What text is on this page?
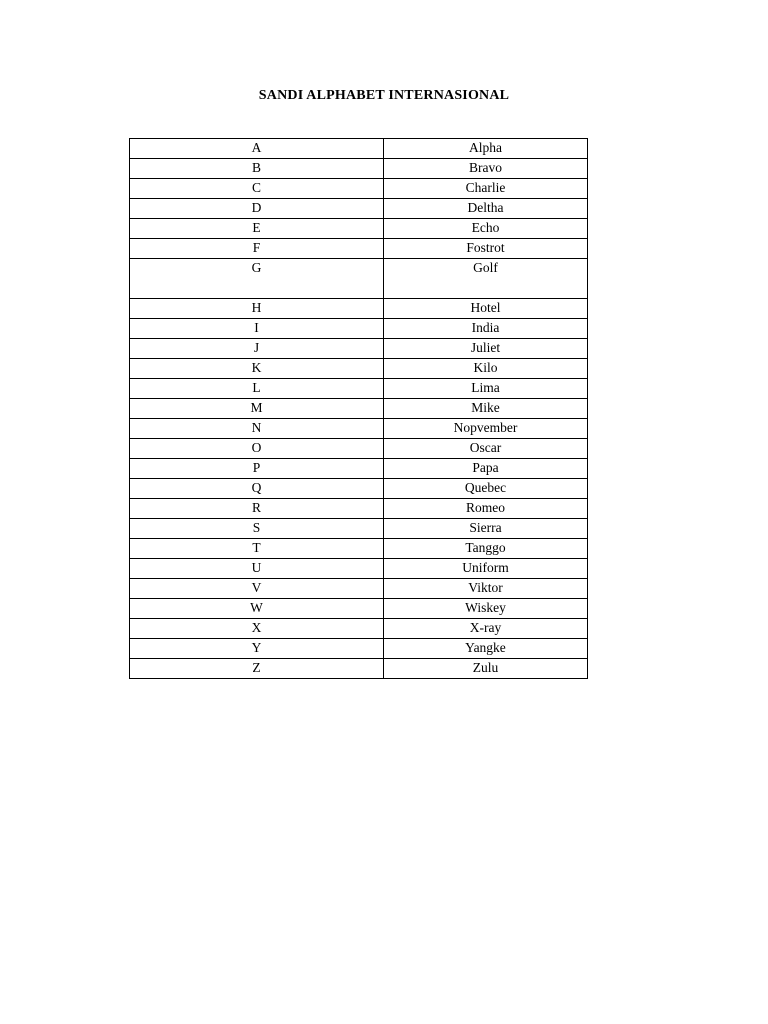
SANDI ALPHABET INTERNASIONAL
A	Alpha
B	Bravo
C	Charlie
D	Deltha
E	Echo
F	Fostrot
G	Golf
H	Hotel
I	India
J	Juliet
K	Kilo
L	Lima
M	Mike
N	Nopvember
O	Oscar
P	Papa
Q	Quebec
R	Romeo
S	Sierra
T	Tanggo
U	Uniform
V	Viktor
W	Wiskey
X	X-ray
Y	Yangke
Z	Zulu
